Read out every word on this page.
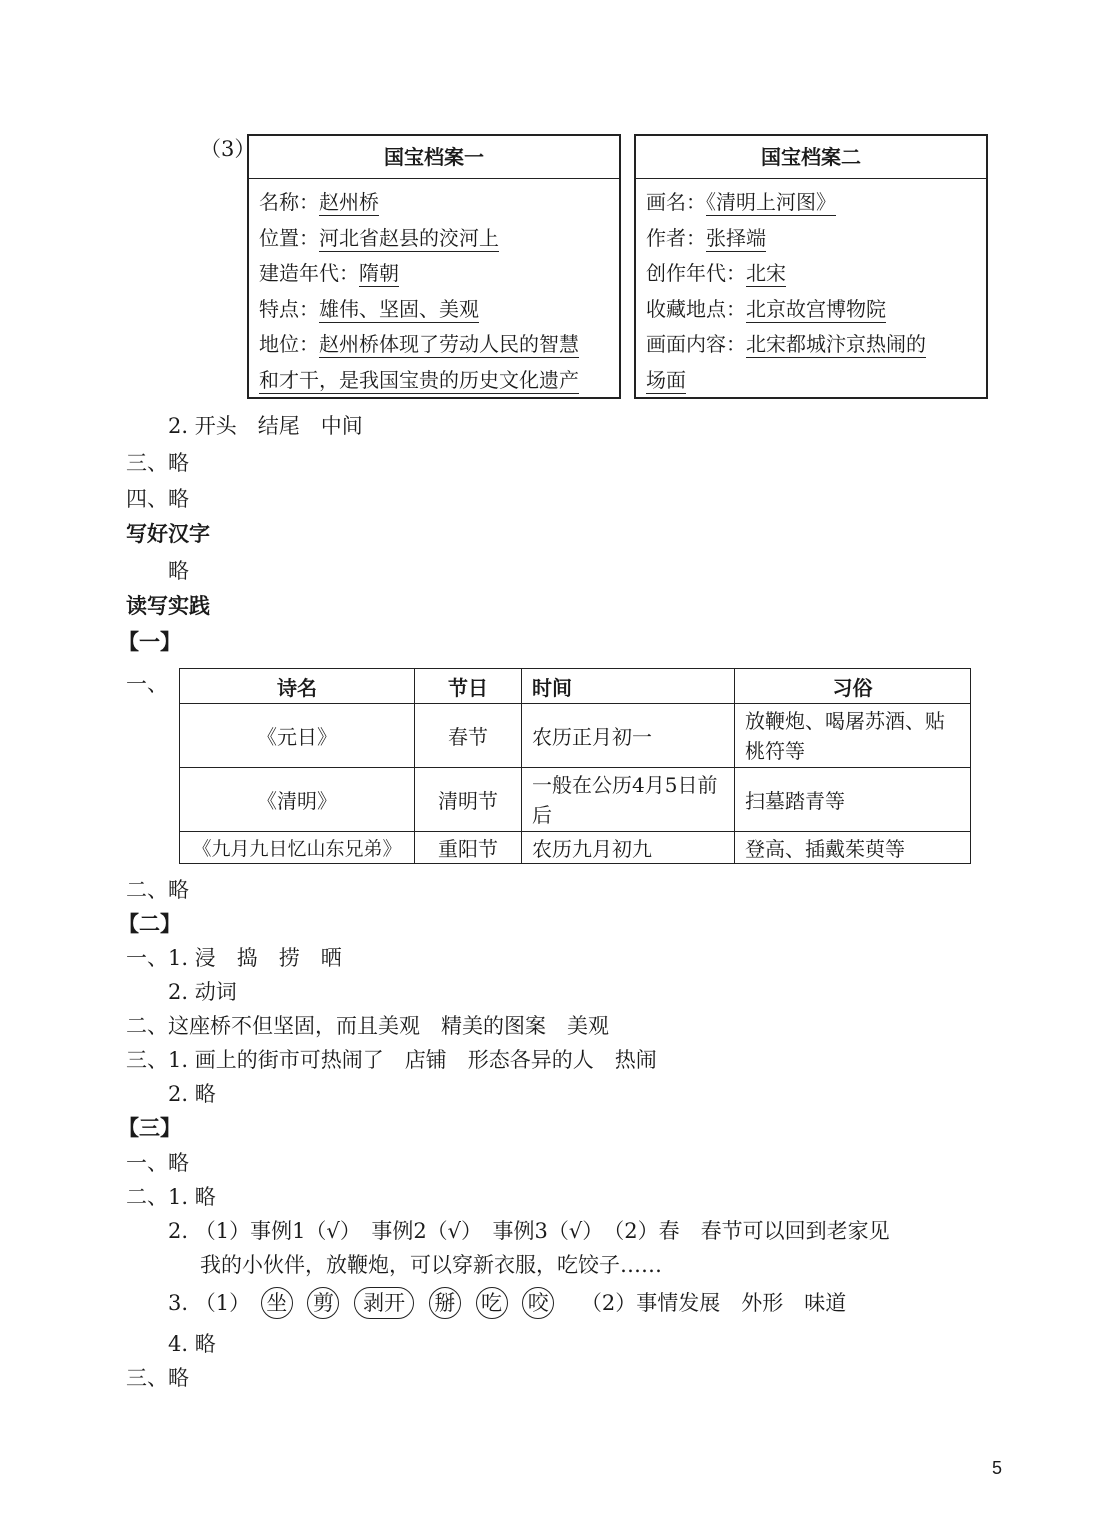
（3）	国宝档案一
名称：赵州桥
位置：河北省赵县的洨河上
建造年代：隋朝
特点：雄伟、坚固、美观
地位：赵州桥体现了劳动人民的智慧
和才干，是我国宝贵的历史文化遗产
国宝档案二
画名：《清明上河图》
作者：张择端
创作年代：北宋
收藏地点：北京故宫博物院
画面内容：北宋都城汴京热闹的
场面
2. 开头　结尾　中间
三、略
四、略
写好汉字
略
读写实践
【一】
一、	诗名	节日	时间	习俗
《元日》	春节	农历正月初一	放鞭炮、喝屠苏酒、贴桃符等
《清明》	清明节	一般在公历4月5日前后	扫墓踏青等
《九月九日忆山东兄弟》	重阳节	农历九月初九	登高、插戴茱萸等
二、略
【二】
一、1. 浸　捣　捞　晒
2. 动词
二、这座桥不但坚固，而且美观　精美的图案　美观
三、1. 画上的街市可热闹了　店铺　形态各异的人　热闹
2. 略
【三】
一、略
二、1. 略
2. （1）事例1（√）　事例2（√）　事例3（√）　（2）春　春节可以回到老家见
我的小伙伴，放鞭炮，可以穿新衣服，吃饺子……
3. （1） 坐 剪 剥开 掰 吃 咬 （2）事情发展　外形　味道
4. 略
三、略
5
